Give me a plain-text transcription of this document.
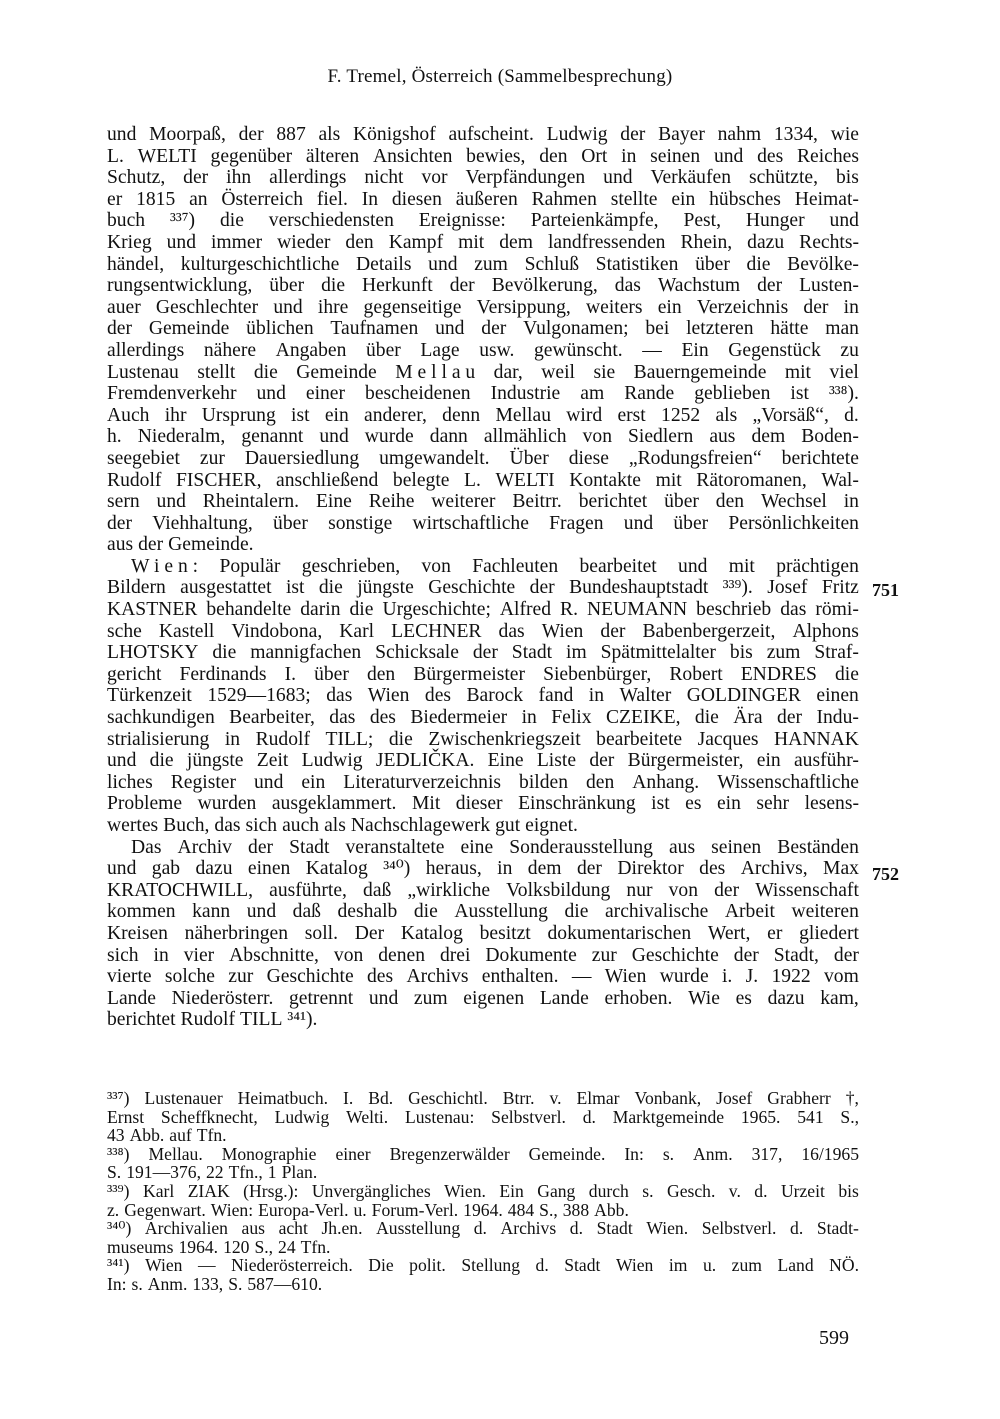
F. Tremel, Österreich (Sammelbesprechung)
und Moorpaß, der 887 als Königshof aufscheint. Ludwig der Bayer nahm 1334, wie
L. WELTI gegenüber älteren Ansichten bewies, den Ort in seinen und des Reiches
Schutz, der ihn allerdings nicht vor Verpfändungen und Verkäufen schützte, bis
er 1815 an Österreich fiel. In diesen äußeren Rahmen stellte ein hübsches Heimat-
buch ³³⁷) die verschiedensten Ereignisse: Parteienkämpfe, Pest, Hunger und
Krieg und immer wieder den Kampf mit dem landfressenden Rhein, dazu Rechts-
händel, kulturgeschichtliche Details und zum Schluß Statistiken über die Bevölke-
rungsentwicklung, über die Herkunft der Bevölkerung, das Wachstum der Lusten-
auer Geschlechter und ihre gegenseitige Versippung, weiters ein Verzeichnis der in
der Gemeinde üblichen Taufnamen und der Vulgonamen; bei letzteren hätte man
allerdings nähere Angaben über Lage usw. gewünscht. — Ein Gegenstück zu
Lustenau stellt die Gemeinde M e l l a u dar, weil sie Bauerngemeinde mit viel
Fremdenverkehr und einer bescheidenen Industrie am Rande geblieben ist ³³⁸).
Auch ihr Ursprung ist ein anderer, denn Mellau wird erst 1252 als „Vorsäß“, d.
h. Niederalm, genannt und wurde dann allmählich von Siedlern aus dem Boden-
seegebiet zur Dauersiedlung umgewandelt. Über diese „Rodungsfreien“ berichtete
Rudolf FISCHER, anschließend belegte L. WELTI Kontakte mit Rätoromanen, Wal-
sern und Rheintalern. Eine Reihe weiterer Beitrr. berichtet über den Wechsel in
der Viehhaltung, über sonstige wirtschaftliche Fragen und über Persönlichkeiten
aus der Gemeinde.
W i e n : Populär geschrieben, von Fachleuten bearbeitet und mit prächtigen
Bildern ausgestattet ist die jüngste Geschichte der Bundeshauptstadt ³³⁹). Josef Fritz
KASTNER behandelte darin die Urgeschichte; Alfred R. NEUMANN beschrieb das römi-
sche Kastell Vindobona, Karl LECHNER das Wien der Babenbergerzeit, Alphons
LHOTSKY die mannigfachen Schicksale der Stadt im Spätmittelalter bis zum Straf-
gericht Ferdinands I. über den Bürgermeister Siebenbürger, Robert ENDRES die
Türkenzeit 1529—1683; das Wien des Barock fand in Walter GOLDINGER einen
sachkundigen Bearbeiter, das des Biedermeier in Felix CZEIKE, die Ära der Indu-
strialisierung in Rudolf TILL; die Zwischenkriegszeit bearbeitete Jacques HANNAK
und die jüngste Zeit Ludwig JEDLIČKA. Eine Liste der Bürgermeister, ein ausführ-
liches Register und ein Literaturverzeichnis bilden den Anhang. Wissenschaftliche
Probleme wurden ausgeklammert. Mit dieser Einschränkung ist es ein sehr lesens-
wertes Buch, das sich auch als Nachschlagewerk gut eignet.
Das Archiv der Stadt veranstaltete eine Sonderausstellung aus seinen Beständen
und gab dazu einen Katalog ³⁴⁰) heraus, in dem der Direktor des Archivs, Max
KRATOCHWILL, ausführte, daß „wirkliche Volksbildung nur von der Wissenschaft
kommen kann und daß deshalb die Ausstellung die archivalische Arbeit weiteren
Kreisen näherbringen soll. Der Katalog besitzt dokumentarischen Wert, er gliedert
sich in vier Abschnitte, von denen drei Dokumente zur Geschichte der Stadt, der
vierte solche zur Geschichte des Archivs enthalten. — Wien wurde i. J. 1922 vom
Lande Niederösterr. getrennt und zum eigenen Lande erhoben. Wie es dazu kam,
berichtet Rudolf TILL ³⁴¹).
751
752
³³⁷) Lustenauer Heimatbuch. I. Bd. Geschichtl. Btrr. v. Elmar Vonbank, Josef Grabherr †,
Ernst Scheffknecht, Ludwig Welti. Lustenau: Selbstverl. d. Marktgemeinde 1965. 541 S.,
43 Abb. auf Tfn.
³³⁸) Mellau. Monographie einer Bregenzerwälder Gemeinde. In: s. Anm. 317, 16/1965
S. 191—376, 22 Tfn., 1 Plan.
³³⁹) Karl ZIAK (Hrsg.): Unvergängliches Wien. Ein Gang durch s. Gesch. v. d. Urzeit bis
z. Gegenwart. Wien: Europa-Verl. u. Forum-Verl. 1964. 484 S., 388 Abb.
³⁴⁰) Archivalien aus acht Jh.en. Ausstellung d. Archivs d. Stadt Wien. Selbstverl. d. Stadt-
museums 1964. 120 S., 24 Tfn.
³⁴¹) Wien — Niederösterreich. Die polit. Stellung d. Stadt Wien im u. zum Land NÖ.
In: s. Anm. 133, S. 587—610.
599
